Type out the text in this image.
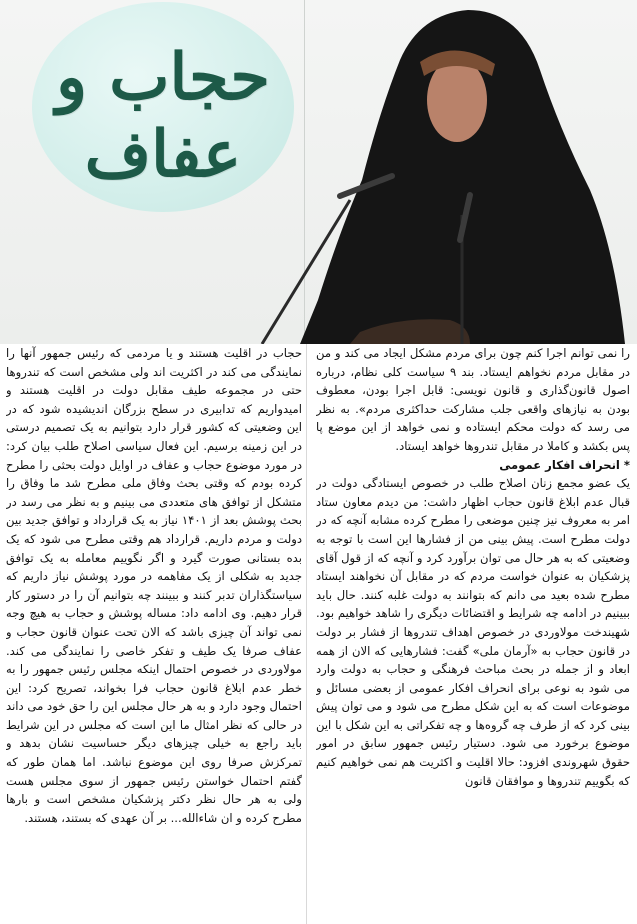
حجاب و عفاف

را نمی توانم اجرا کنم چون برای مردم مشکل ایجاد می کند و من در مقابل مردم نخواهم ایستاد. بند ۹ سیاست کلی نظام، درباره اصول قانون‌گذاری و قانون نویسی: قابل اجرا بودن، معطوف بودن به نیازهای واقعی جلب مشارکت حداکثری مردم». به نظر می رسد که دولت محکم ایستاده و نمی خواهد از این موضع پا پس بکشد و کاملا در مقابل تندروها خواهد ایستاد.

* انحراف افکار عمومی

یک عضو مجمع زنان اصلاح طلب در خصوص ایستادگی دولت در قبال عدم ابلاغ قانون حجاب اظهار داشت: من دیدم معاون ستاد امر به معروف نیز چنین موضعی را مطرح کرده مشابه آنچه که در دولت مطرح است. پیش بینی من از فشارها این است با توجه به وضعیتی که به هر حال می توان برآورد کرد و آنچه که از قول آقای پزشکیان به عنوان خواست مردم که در مقابل آن نخواهند ایستاد مطرح شده بعید می دانم که بتوانند به دولت غلبه کنند. حال باید ببینیم در ادامه چه شرایط و اقتضائات دیگری را شاهد خواهیم بود. شهیندخت مولاوردی در خصوص اهداف تندروها از فشار بر دولت در قانون حجاب به «آرمان ملی» گفت: فشارهایی که الان از همه ابعاد و از جمله در بحث مباحث فرهنگی و حجاب به دولت وارد می شود به نوعی برای انحراف افکار عمومی از بعضی مسائل و موضوعات است که به این شکل مطرح می شود و می توان پیش بینی کرد که از طرف چه گروه‌ها و چه تفکراتی به این شکل با این موضوع برخورد می شود. دستیار رئیس جمهور سابق در امور حقوق شهروندی افزود: حالا اقلیت و اکثریت هم نمی خواهیم کنیم که بگوییم تندروها و موافقان قانون

حجاب در اقلیت هستند و یا مردمی که رئیس جمهور آنها را نمایندگی می کند در اکثریت اند ولی مشخص است که تندروها حتی در مجموعه طیف مقابل دولت در اقلیت هستند و امیدواریم که تدابیری در سطح بزرگان اندیشیده شود که در این وضعیتی که کشور قرار دارد بتوانیم به یک تصمیم درستی در این زمینه برسیم. این فعال سیاسی اصلاح طلب بیان کرد: در مورد موضوع حجاب و عفاف در اوایل دولت بحثی را مطرح کرده بودم که وقتی بحث وفاق ملی مطرح شد ما وفاق را متشکل از توافق های متعددی می بینیم و به نظر می رسد در بحث پوشش بعد از ۱۴۰۱ نیاز به یک قرارداد و توافق جدید بین دولت و مردم داریم. قرارداد هم وقتی مطرح می شود که یک بده بستانی صورت گیرد و اگر نگوییم معامله به یک توافق جدید به شکلی از یک مفاهمه در مورد پوشش نیاز داریم که سیاستگذاران تدبر کنند و ببینند چه بتوانیم آن را در دستور کار قرار دهیم. وی ادامه داد: مساله پوشش و حجاب به هیچ وجه نمی تواند آن چیزی باشد که الان تحت عنوان قانون حجاب و عفاف صرفا یک طیف و تفکر خاصی را نمایندگی می کند. مولاوردی در خصوص احتمال اینکه مجلس رئیس جمهور را به خطر عدم ابلاغ قانون حجاب فرا بخواند، تصریح کرد: این احتمال وجود دارد و به هر حال مجلس این را حق خود می داند در حالی که نظر امثال ما این است که مجلس در این شرایط باید راجع به خیلی چیزهای دیگر حساسیت نشان بدهد و تمرکزش صرفا روی این موضوع نباشد. اما همان طور که گفتم احتمال خواستن رئیس جمهور از سوی مجلس هست ولی به هر حال نظر دکتر پزشکیان مشخص است و بارها مطرح کرده و ان شاءالله... بر آن عهدی که بستند، هستند.
